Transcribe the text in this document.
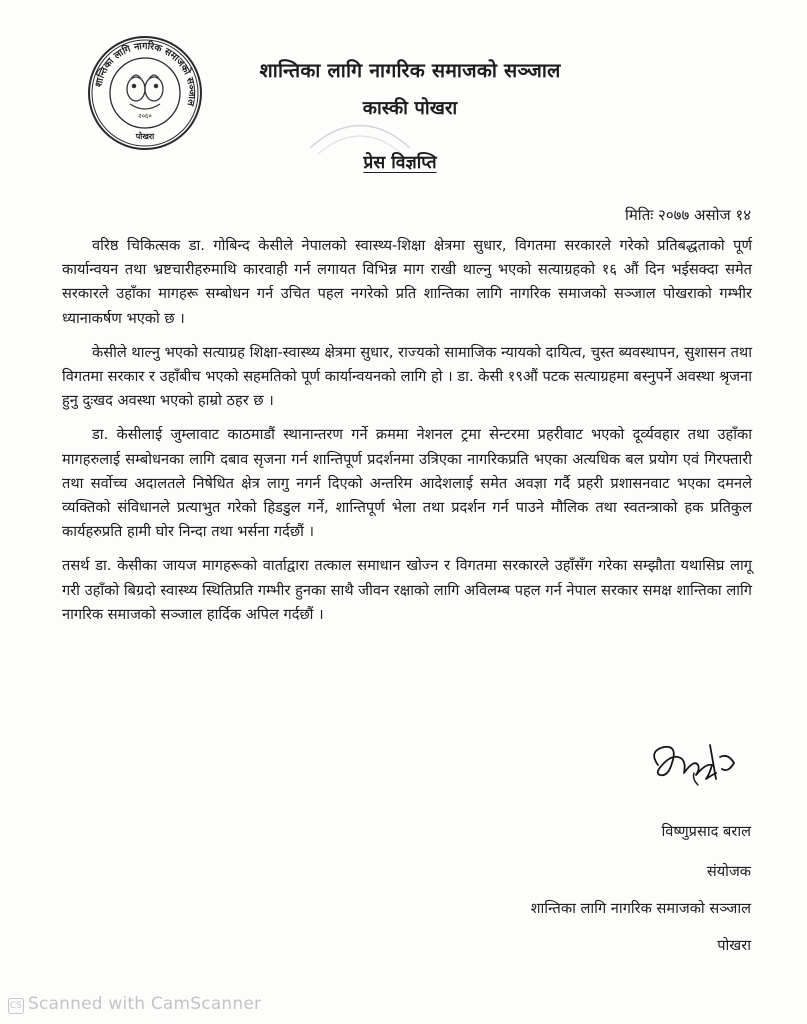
शान्तिका लागि नागरिक समाजको सञ्जाल
२०६०
पोखरा
शान्तिका लागि नागरिक समाजको सञ्जाल
कास्की पोखरा
प्रेस विज्ञप्ति
मितिः २०७७ असोज १४

वरिष्ठ चिकित्सक डा. गोबिन्द केसीले नेपालको स्वास्थ्य-शिक्षा क्षेत्रमा सुधार, विगतमा सरकारले गरेको प्रतिबद्धताको पूर्ण कार्यान्वयन तथा भ्रष्टचारीहरुमाथि कारवाही गर्न लगायत विभिन्न माग राखी थाल्नु भएको सत्याग्रहको १६ औं दिन भईसक्दा समेत सरकारले उहाँका मागहरू सम्बोधन गर्न उचित पहल नगरेको प्रति शान्तिका लागि नागरिक समाजको सञ्जाल पोखराको गम्भीर ध्यानाकर्षण भएको छ ।

केसीले थाल्नु भएको सत्याग्रह शिक्षा-स्वास्थ्य क्षेत्रमा सुधार, राज्यको सामाजिक न्यायको दायित्व, चुस्त ब्यवस्थापन, सुशासन तथा विगतमा सरकार र उहाँबीच भएको सहमतिको पूर्ण कार्यान्वयनको लागि हो । डा. केसी १९औं पटक सत्याग्रहमा बस्नुपर्ने अवस्था श्रृजना हुनु दुःखद अवस्था भएको हाम्रो ठहर छ ।

डा. केसीलाई जुम्लावाट काठमाडौं स्थानान्तरण गर्ने क्रममा नेशनल ट्रमा सेन्टरमा प्रहरीवाट भएको दूर्व्यवहार तथा उहाँका मागहरुलाई सम्बोधनका लागि दबाव सृजना गर्न शान्तिपूर्ण प्रदर्शनमा उत्रिएका नागरिकप्रति भएका अत्यधिक बल प्रयोग एवं गिरफ्तारी तथा सर्वोच्च अदालतले निषेधित क्षेत्र लागु नगर्न दिएको अन्तरिम आदेशलाई समेत अवज्ञा गर्दै प्रहरी प्रशासनवाट भएका दमनले व्यक्तिको संविधानले प्रत्याभुत गरेको हिडडुल गर्ने, शान्तिपूर्ण भेला तथा प्रदर्शन गर्न पाउने मौलिक तथा स्वतन्त्राको हक प्रतिकुल कार्यहरुप्रति हामी घोर निन्दा तथा भर्सना गर्दछौं ।

तसर्थ डा. केसीका जायज मागहरूको वार्ताद्वारा तत्काल समाधान खोज्न र विगतमा सरकारले उहाँसँग गरेका सम्झौता यथासिघ्र लागू गरी उहाँको बिग्रदो स्वास्थ्य स्थितिप्रति गम्भीर हुनका साथै जीवन रक्षाको लागि अविलम्ब पहल गर्न नेपाल सरकार समक्ष शान्तिका लागि नागरिक समाजको सञ्जाल हार्दिक अपिल गर्दछौं ।

विष्णुप्रसाद बराल
संयोजक
शान्तिका लागि नागरिक समाजको सञ्जाल
पोखरा
CS Scanned with CamScanner
